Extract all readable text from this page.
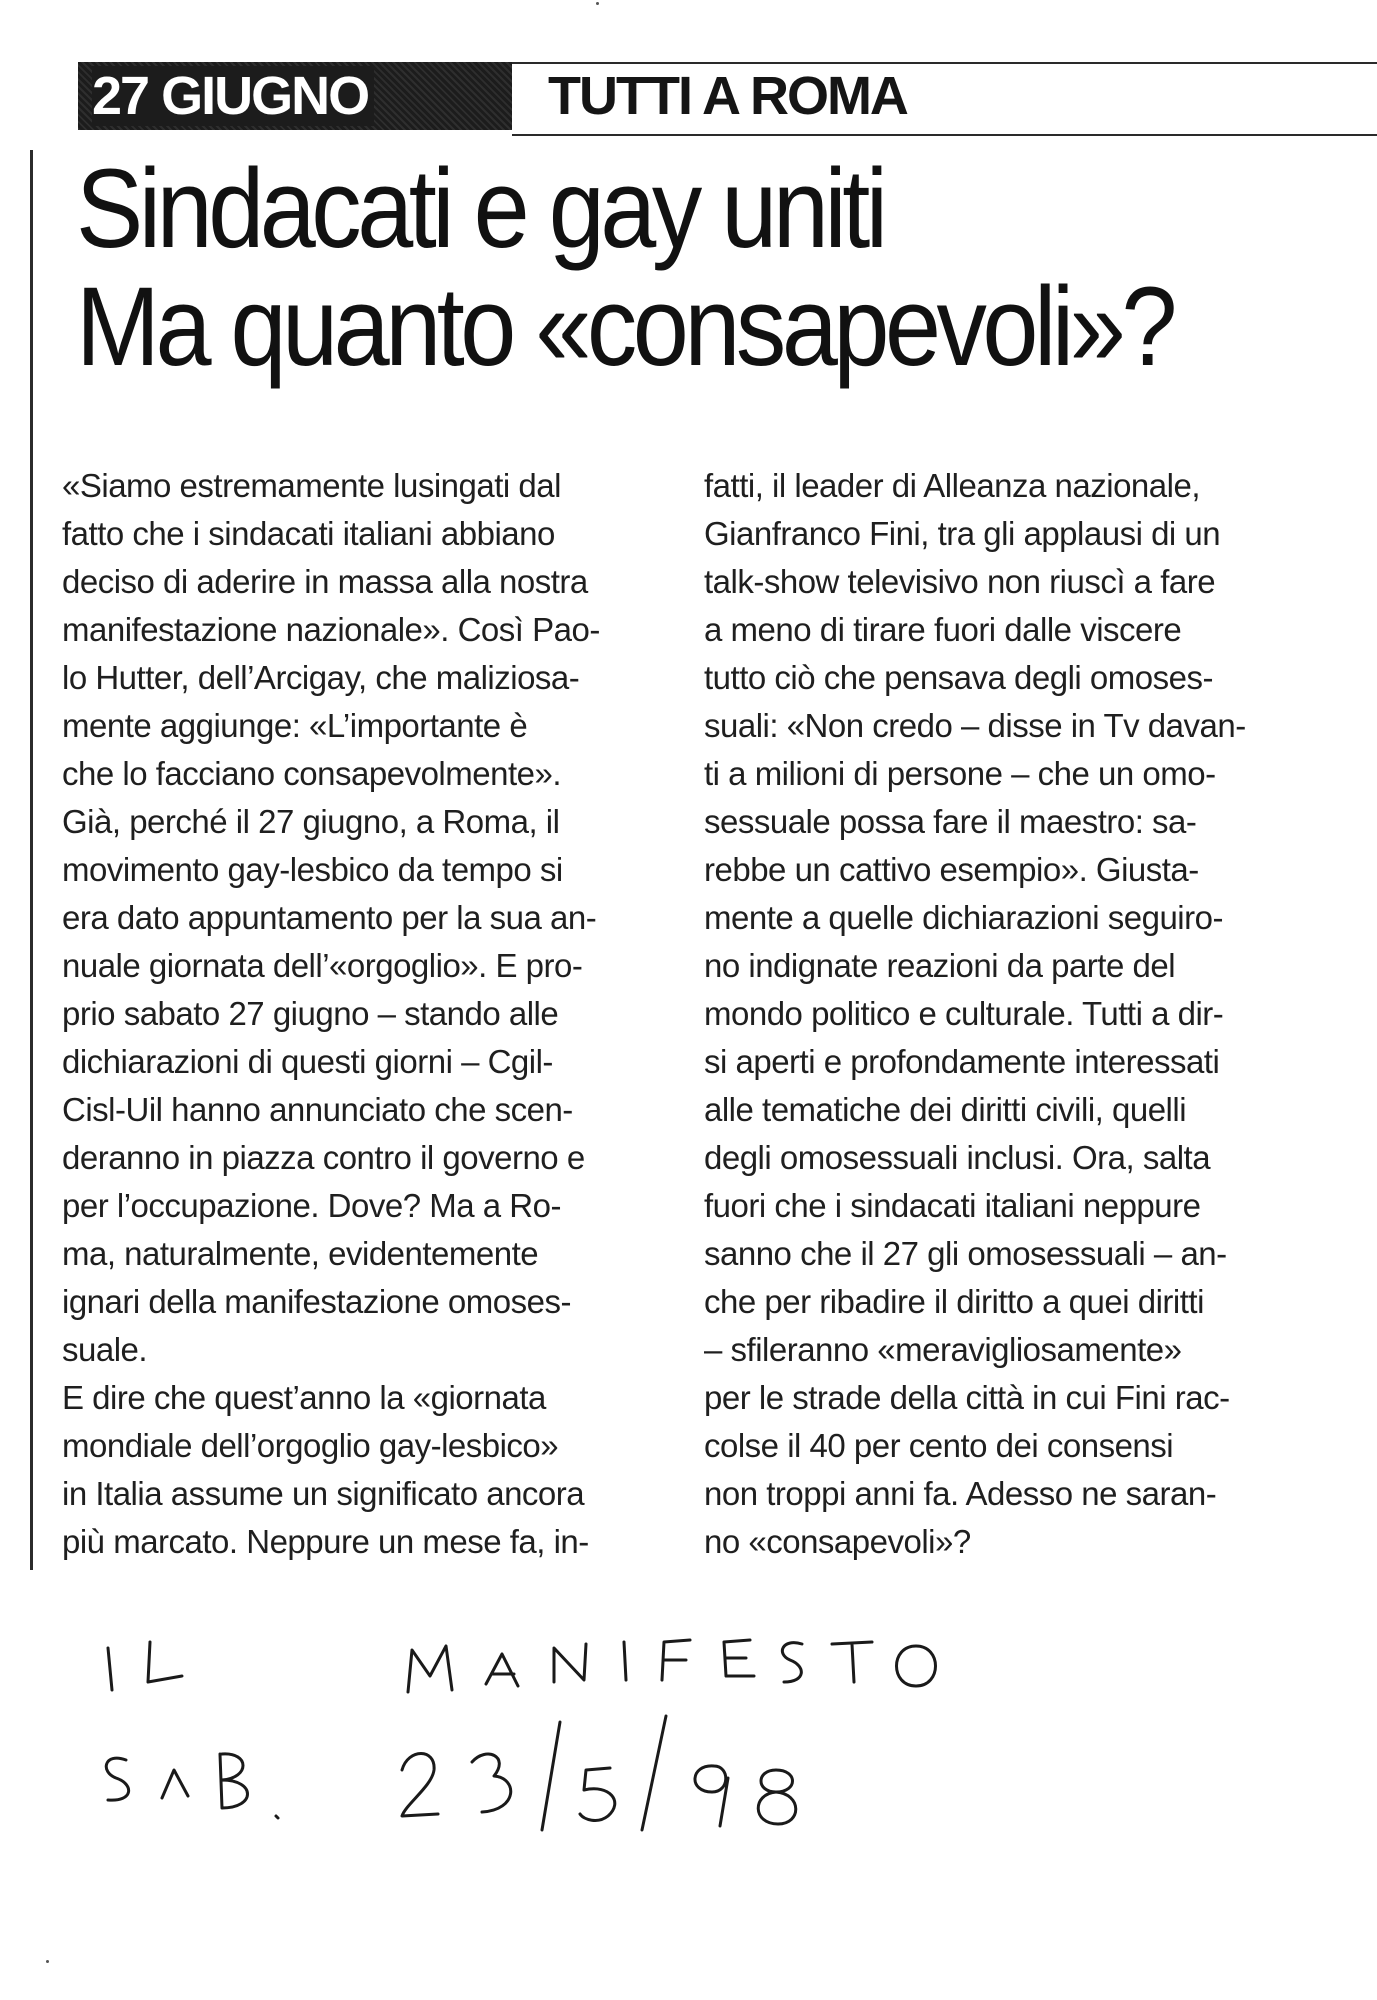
27 GIUGNO	TUTTI A ROMA
Sindacati e gay uniti
Ma quanto «consapevoli»?
«Siamo estremamente lusingati dal
fatto che i sindacati italiani abbiano
deciso di aderire in massa alla nostra
manifestazione nazionale». Così Pao-
lo Hutter, dell’Arcigay, che maliziosa-
mente aggiunge: «L’importante è
che lo facciano consapevolmente».
Già, perché il 27 giugno, a Roma, il
movimento gay-lesbico da tempo si
era dato appuntamento per la sua an-
nuale giornata dell’«orgoglio». E pro-
prio sabato 27 giugno – stando alle
dichiarazioni di questi giorni – Cgil-
Cisl-Uil hanno annunciato che scen-
deranno in piazza contro il governo e
per l’occupazione. Dove? Ma a Ro-
ma, naturalmente, evidentemente
ignari della manifestazione omoses-
suale.
E dire che quest’anno la «giornata
mondiale dell’orgoglio gay-lesbico»
in Italia assume un significato ancora
più marcato. Neppure un mese fa, in-
fatti, il leader di Alleanza nazionale,
Gianfranco Fini, tra gli applausi di un
talk-show televisivo non riuscì a fare
a meno di tirare fuori dalle viscere
tutto ciò che pensava degli omoses-
suali: «Non credo – disse in Tv davan-
ti a milioni di persone – che un omo-
sessuale possa fare il maestro: sa-
rebbe un cattivo esempio». Giusta-
mente a quelle dichiarazioni seguiro-
no indignate reazioni da parte del
mondo politico e culturale. Tutti a dir-
si aperti e profondamente interessati
alle tematiche dei diritti civili, quelli
degli omosessuali inclusi. Ora, salta
fuori che i sindacati italiani neppure
sanno che il 27 gli omosessuali – an-
che per ribadire il diritto a quei diritti
– sfileranno «meravigliosamente»
per le strade della città in cui Fini rac-
colse il 40 per cento dei consensi
non troppi anni fa. Adesso ne saran-
no «consapevoli»?
